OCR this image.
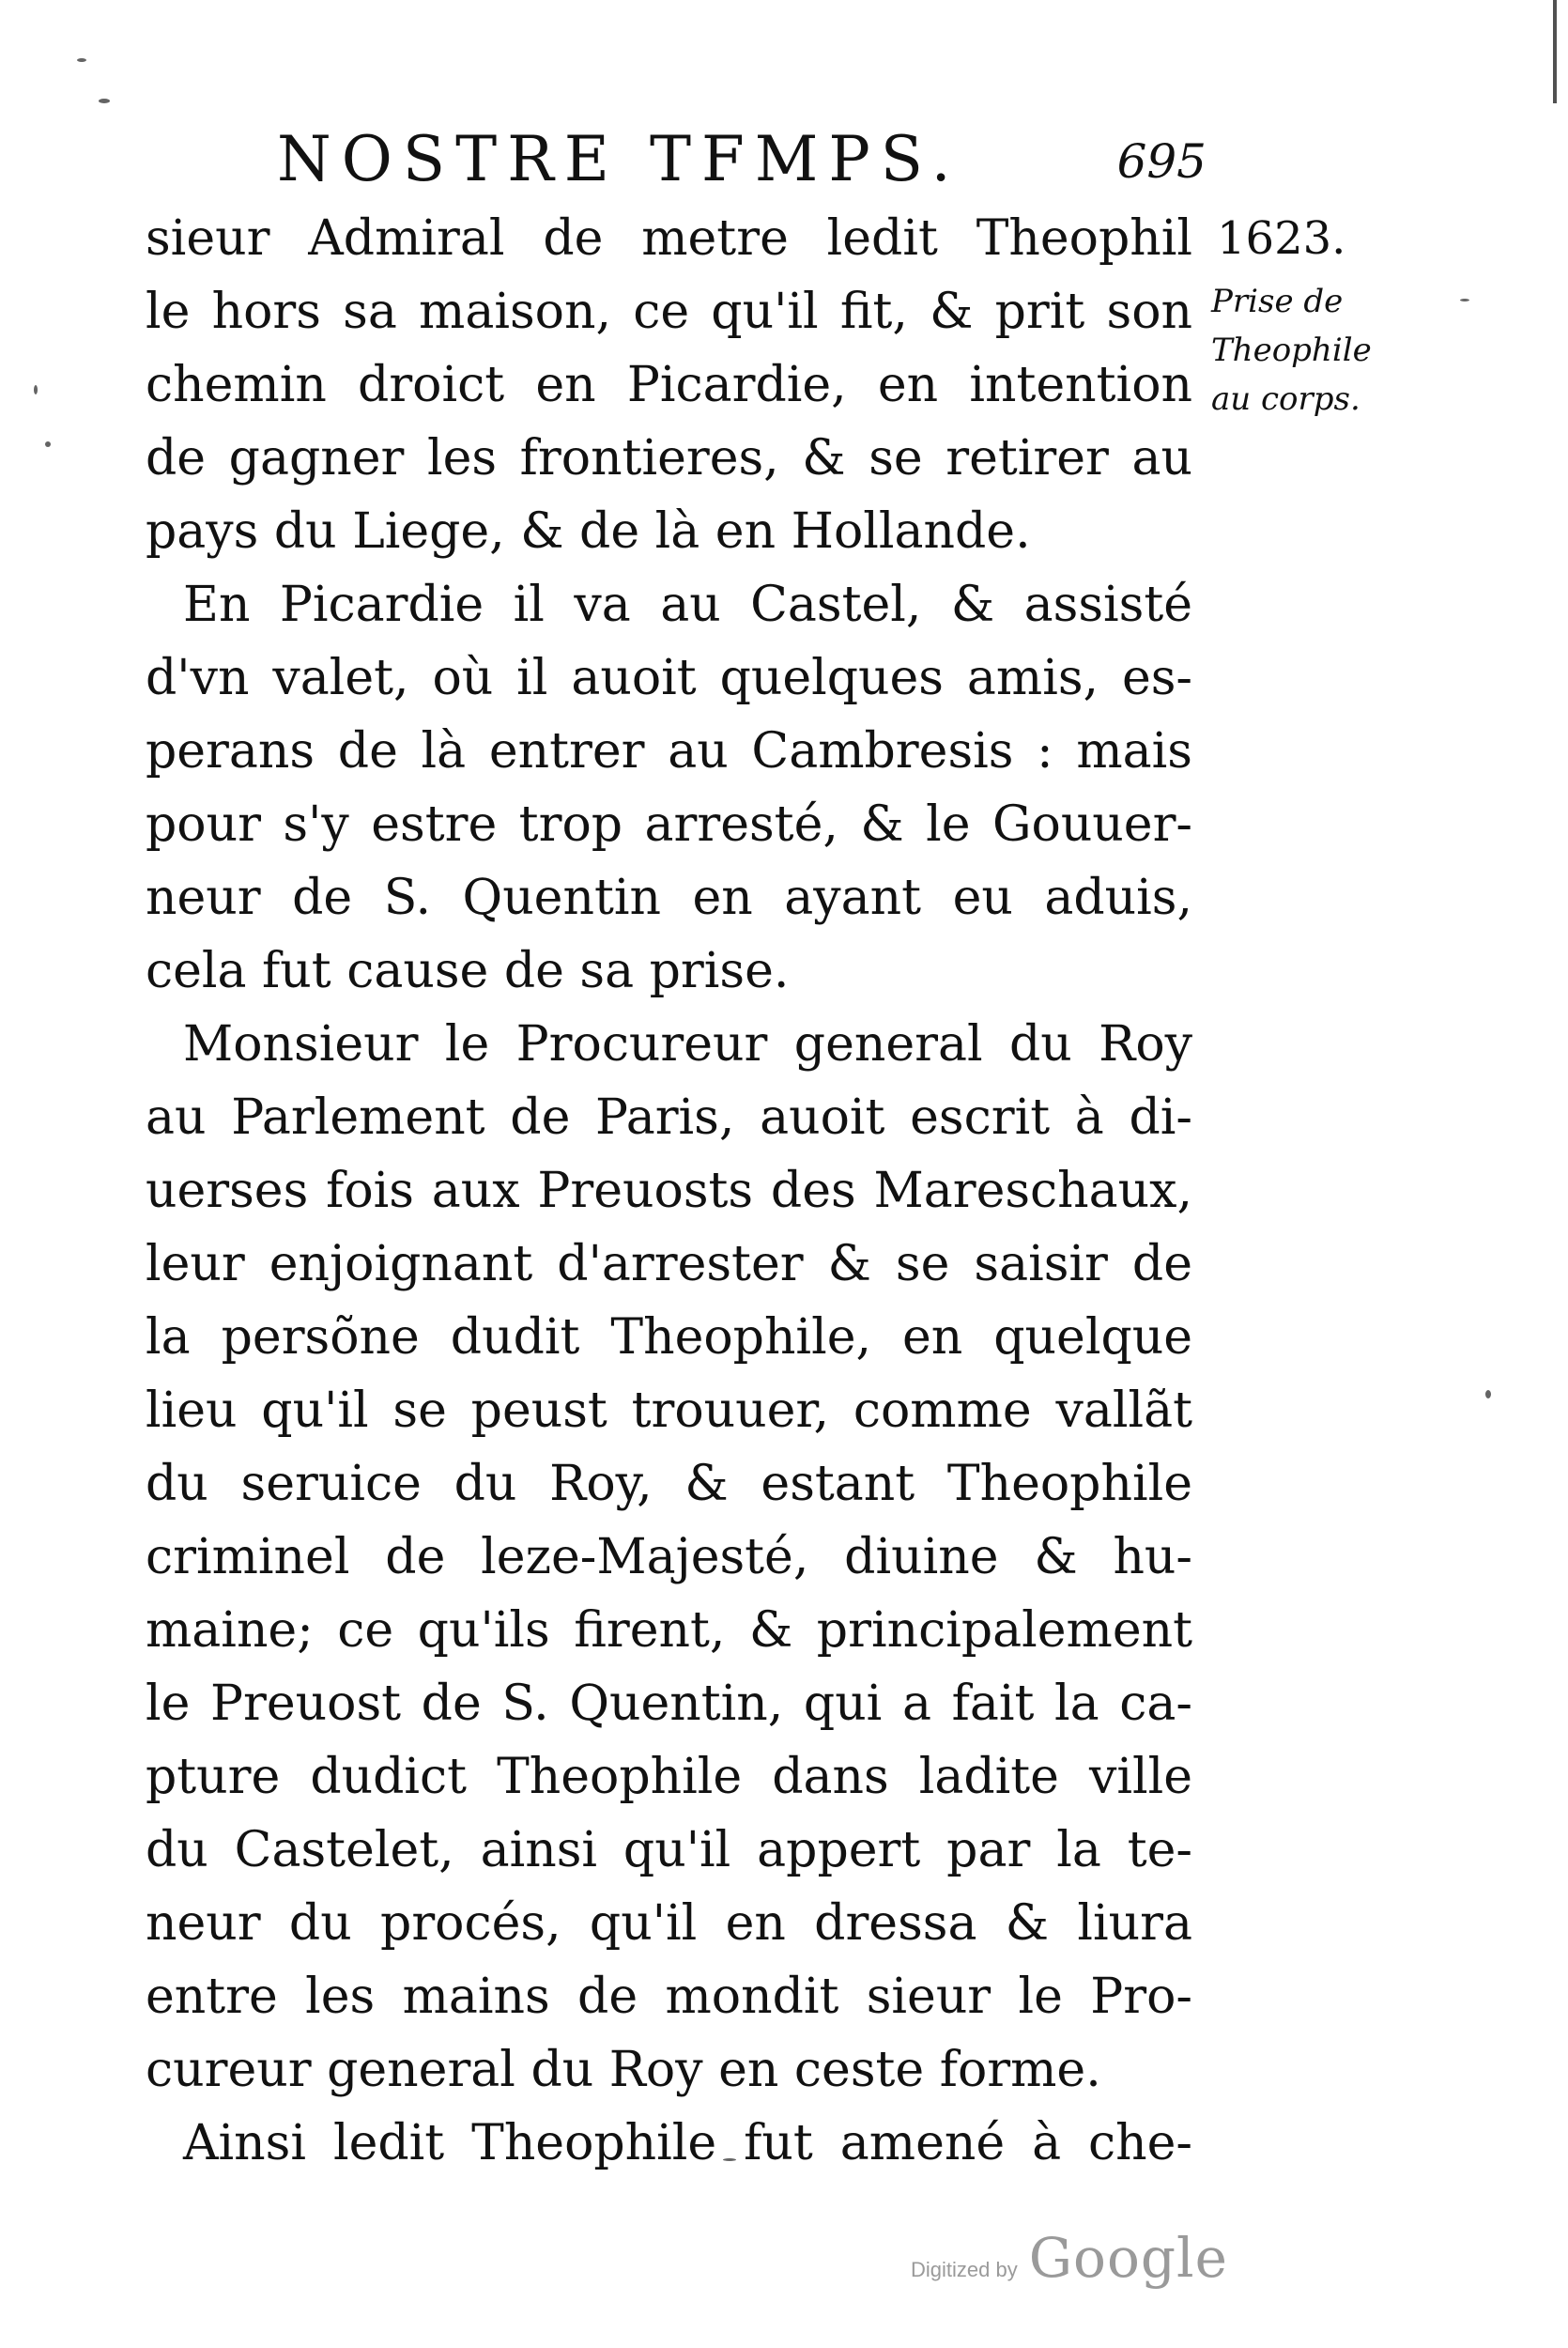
NOSTRE TFMPS.	695
1623.
Prise de
Theophile
au corps.
sieur Admiral de metre ledit Theophil
le hors sa maison, ce qu'il fit, & prit son
chemin droict en Picardie, en intention
de gagner les frontieres, & se retirer au
pays du Liege, & de là en Hollande.
En Picardie il va au Castel, & assisté
d'vn valet, où il auoit quelques amis, es-
perans de là entrer au Cambresis : mais
pour s'y estre trop arresté, & le Gouuer-
neur de S. Quentin en ayant eu aduis,
cela fut cause de sa prise.
Monsieur le Procureur general du Roy
au Parlement de Paris, auoit escrit à di-
uerses fois aux Preuosts des Mareschaux,
leur enjoignant d'arrester & se saisir de
la persõne dudit Theophile, en quelque
lieu qu'il se peust trouuer, comme vallãt
du seruice du Roy, & estant Theophile
criminel de leze-Majesté, diuine & hu-
maine; ce qu'ils firent, & principalement
le Preuost de S. Quentin, qui a fait la ca-
pture dudict Theophile dans ladite ville
du Castelet, ainsi qu'il appert par la te-
neur du procés, qu'il en dressa & liura
entre les mains de mondit sieur le Pro-
cureur general du Roy en ceste forme.
Ainsi ledit Theophile fut amené à che-
Digitized by Google
